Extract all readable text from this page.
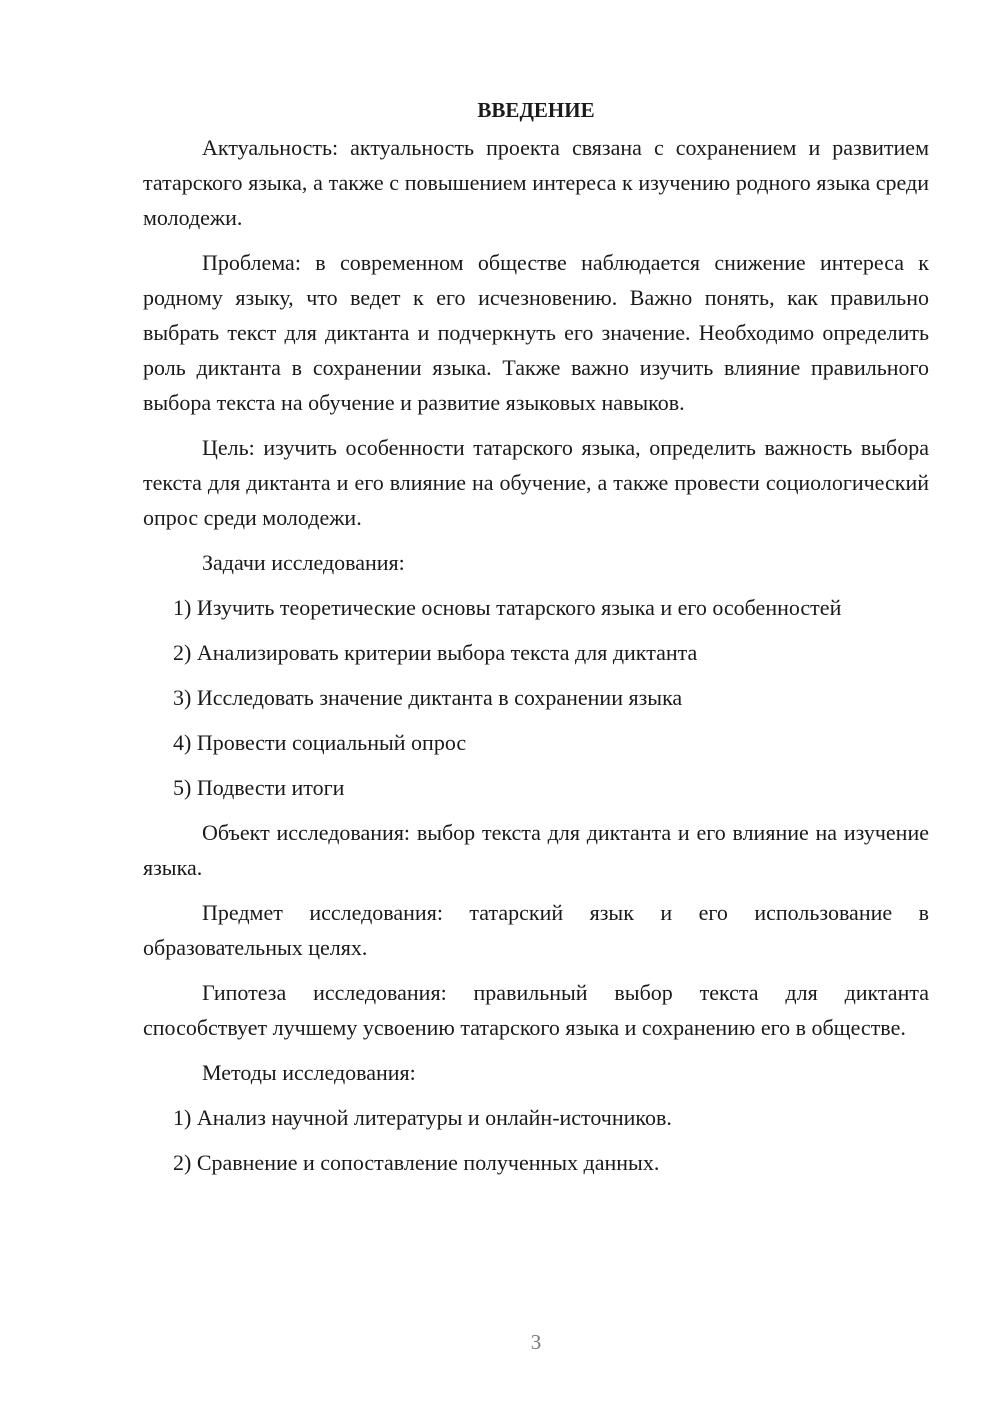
ВВЕДЕНИЕ

Актуальность: актуальность проекта связана с сохранением и развитием татарского языка, а также с повышением интереса к изучению родного языка среди молодежи.

Проблема: в современном обществе наблюдается снижение интереса к родному языку, что ведет к его исчезновению. Важно понять, как правильно выбрать текст для диктанта и подчеркнуть его значение. Необходимо определить роль диктанта в сохранении языка. Также важно изучить влияние правильного выбора текста на обучение и развитие языковых навыков.

Цель: изучить особенности татарского языка, определить важность выбора текста для диктанта и его влияние на обучение, а также провести социологический опрос среди молодежи.

Задачи исследования:

1) Изучить теоретические основы татарского языка и его особенностей

2) Анализировать критерии выбора текста для диктанта

3) Исследовать значение диктанта в сохранении языка

4) Провести социальный опрос

5) Подвести итоги

Объект исследования: выбор текста для диктанта и его влияние на изучение языка.

Предмет исследования: татарский язык и его использование в образовательных целях.

Гипотеза исследования: правильный выбор текста для диктанта способствует лучшему усвоению татарского языка и сохранению его в обществе.

Методы исследования:

1) Анализ научной литературы и онлайн-источников.

2) Сравнение и сопоставление полученных данных.

3
